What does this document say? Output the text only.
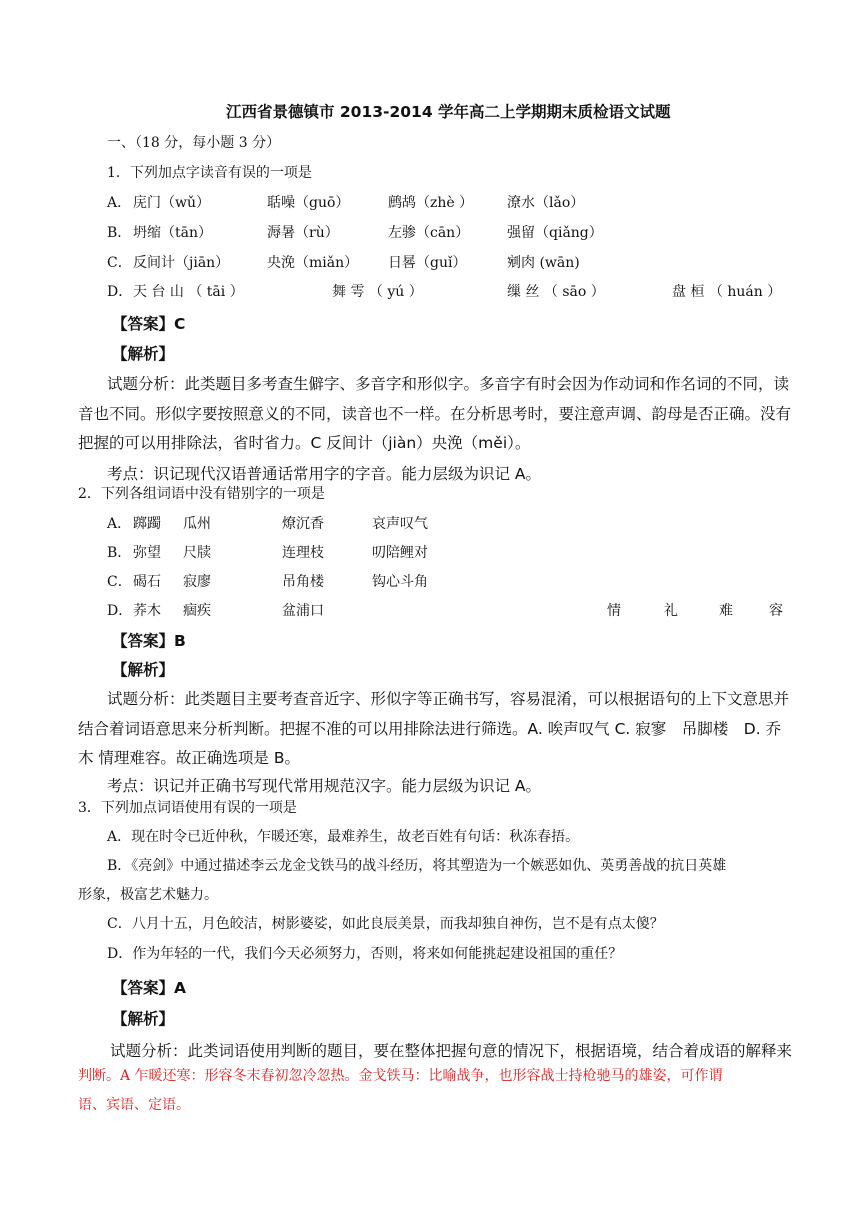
江西省景德镇市 2013-2014 学年高二上学期期末质检语文试题
一、（18 分，每小题 3 分）
1．下列加点字读音有误的一项是
A． 庑门（wǔ）	聒噪（guō）	鹧鸪（zhè ） 潦水（lǎo）
B． 坍缩（tān）	溽暑（rù）	左骖（cān）	强留（qiǎng）
C． 反间计（jiān）	央浼（miǎn） 日晷（guǐ）	剜肉 (wān)
D． 天 台 山 （ tāi ）	舞 雩 （ yú ）	缫 丝 （ sāo ）	盘 桓 （ huán ）
【答案】C
【解析】
试题分析：此类题目多考查生僻字、多音字和形似字。多音字有时会因为作动词和作名词的不同，读
音也不同。形似字要按照意义的不同，读音也不一样。在分析思考时，要注意声调、韵母是否正确。没有
把握的可以用排除法，省时省力。C 反间计（jiàn）央浼（měi）。
考点：识记现代汉语普通话常用字的字音。能力层级为识记 A。
2．下列各组词语中没有错别字的一项是
A． 踯躅 瓜州	燎沉香	哀声叹气
B． 弥望 尺牍	连理枝	叨陪鲤对
C． 碣石 寂廖	吊角楼	钩心斗角
D． 荞木 痼疾	盆浦口	情	礼	难	容
【答案】B
【解析】
试题分析：此类题目主要考查音近字、形似字等正确书写，容易混淆，可以根据语句的上下文意思并
结合着词语意思来分析判断。把握不准的可以用排除法进行筛选。A. 唉声叹气 C. 寂寥　吊脚楼　D. 乔
木 情理难容。故正确选项是 B。
考点：识记并正确书写现代常用规范汉字。能力层级为识记 A。
3．下列加点词语使用有误的一项是
A．现在时令已近仲秋，乍暖还寒，最难养生，故老百姓有句话：秋冻春捂。
B．《亮剑》中通过描述李云龙金戈铁马的战斗经历，将其塑造为一个嫉恶如仇、英勇善战的抗日英雄
形象，极富艺术魅力。
C．八月十五，月色皎洁，树影婆娑，如此良辰美景，而我却独自神伤，岂不是有点太傻？
D．作为年轻的一代，我们今天必须努力，否则，将来如何能挑起建设祖国的重任？
【答案】A
【解析】
试题分析：此类词语使用判断的题目，要在整体把握句意的情况下，根据语境，结合着成语的解释来
判断。A 乍暖还寒：形容冬末春初忽冷忽热。金戈铁马：比喻战争，也形容战士持枪驰马的雄姿，可作谓
语、宾语、定语。
